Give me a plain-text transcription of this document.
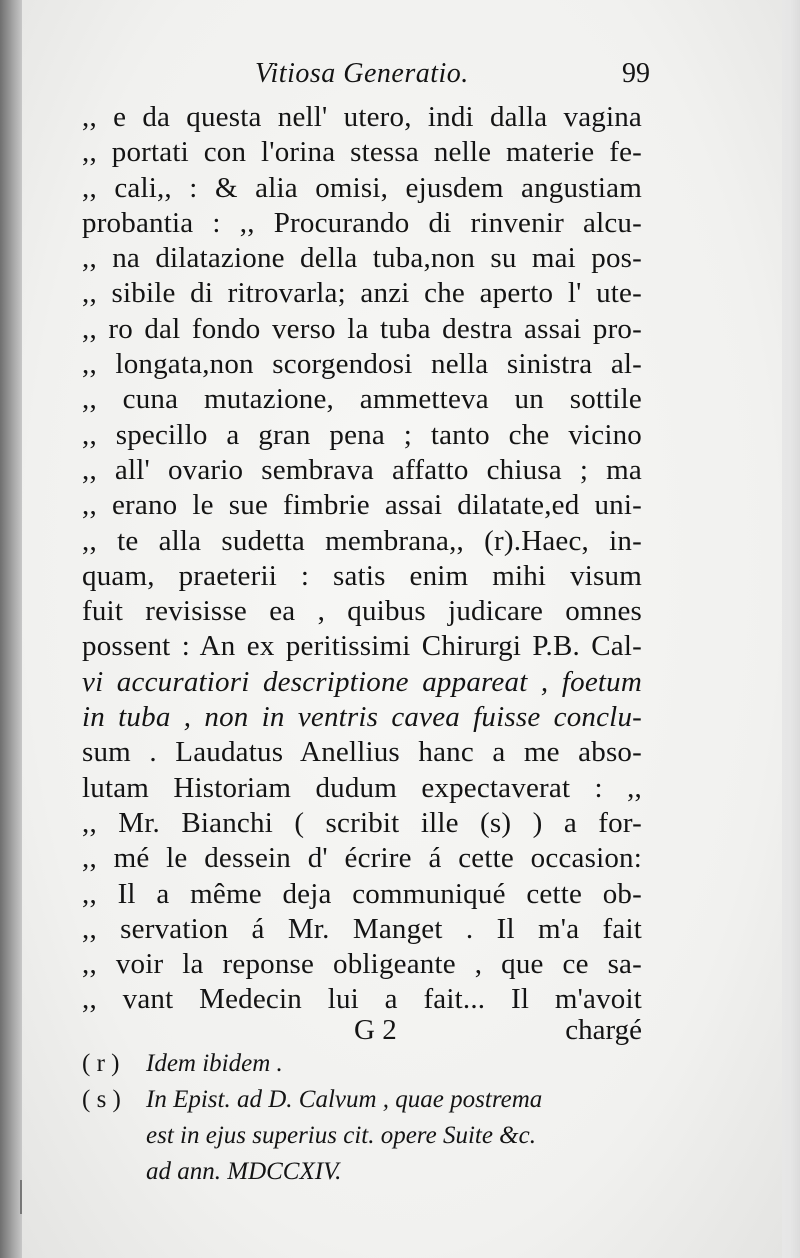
Vitiosa Generatio.	99
,, e da questa nell' utero, indi dalla vagina
,, portati con l'orina stessa nelle materie fe-
,, cali,, : & alia omisi, ejusdem angustiam
probantia : ,, Procurando di rinvenir alcu-
,, na dilatazione della tuba,non su mai pos-
,, sibile di ritrovarla; anzi che aperto l' ute-
,, ro dal fondo verso la tuba destra assai pro-
,, longata,non scorgendosi nella sinistra al-
,, cuna mutazione, ammetteva un sottile
,, specillo a gran pena ; tanto che vicino
,, all' ovario sembrava affatto chiusa ; ma
,, erano le sue fimbrie assai dilatate,ed uni-
,, te alla sudetta membrana,, (r).Haec, in-
quam, praeterii : satis enim mihi visum
fuit revisisse ea , quibus judicare omnes
possent : An ex peritissimi Chirurgi P.B. Cal-
vi accuratiori descriptione appareat , foetum
in tuba , non in ventris cavea fuisse conclu-
sum . Laudatus Anellius hanc a me abso-
lutam Historiam dudum expectaverat : ,,
,, Mr. Bianchi ( scribit ille (s) ) a for-
,, mé le dessein d' écrire á cette occasion:
,, Il a même deja communiqué cette ob-
,, servation á Mr. Manget . Il m'a fait
,, voir la reponse obligeante , que ce sa-
,, vant Medecin lui a fait... Il m'avoit
G 2	chargé
( r ) Idem ibidem .
( s ) In Epist. ad D. Calvum , quae postrema
est in ejus superius cit. opere Suite &c.
ad ann. MDCCXIV.
